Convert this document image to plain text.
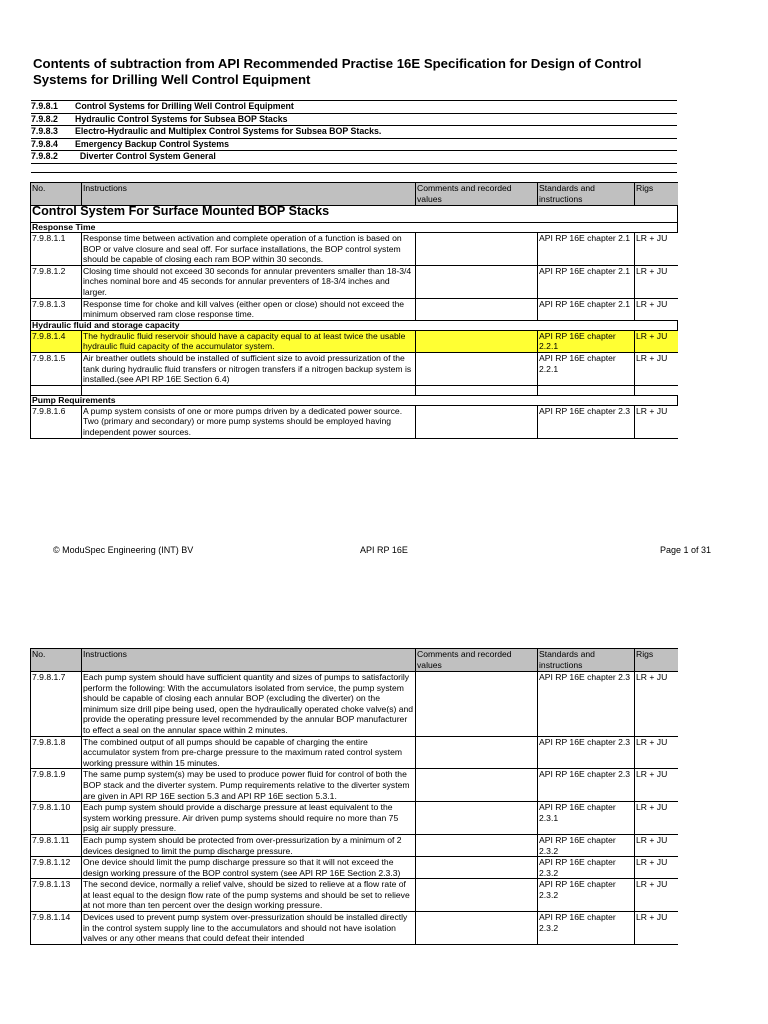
Contents of subtraction from API Recommended Practise 16E Specification for Design of Control Systems for Drilling Well Control Equipment
7.9.8.1 Control Systems for Drilling Well Control Equipment
7.9.8.2 Hydraulic Control Systems for Subsea BOP Stacks
7.9.8.3 Electro-Hydraulic and Multiplex Control Systems for Subsea BOP Stacks.
7.9.8.4 Emergency Backup Control Systems
7.9.8.2  Diverter Control System General
No.	Instructions	Comments and recorded values	Standards and instructions	Rigs
Control System For Surface Mounted BOP Stacks				
Response Time				
7.9.8.1.1	Response time between activation and complete operation of a function is based on BOP or valve closure and seal off. For surface installations, the BOP control system should be capable of closing each ram BOP within 30 seconds.		API RP 16E chapter 2.1	LR + JU
7.9.8.1.2	Closing time should not exceed 30 seconds for annular preventers smaller than 18-3/4 inches nominal bore and 45 seconds for annular preventers of 18-3/4 inches and larger.		API RP 16E chapter 2.1	LR + JU
7.9.8.1.3	Response time for choke and kill valves (either open or close) should not exceed the minimum observed ram close response time.		API RP 16E chapter 2.1	LR + JU
Hydraulic fluid and storage capacity				
7.9.8.1.4	The hydraulic fluid reservoir should have a capacity equal to at least twice the usable hydraulic fluid capacity of the accumulator system.		API RP 16E chapter 2.2.1	LR + JU
7.9.8.1.5	Air breather outlets should be installed of sufficient size to avoid pressurization of the tank during hydraulic fluid transfers or nitrogen transfers if a nitrogen backup system is installed.(see API RP 16E Section 6.4)		API RP 16E chapter 2.2.1	LR + JU

Pump Requirements				
7.9.8.1.6	A pump system consists of one or more pumps driven by a dedicated power source. Two (primary and secondary) or more pump systems should be employed having independent power sources.		API RP 16E chapter 2.3	LR + JU
© ModuSpec Engineering (INT) BV	API RP 16E	Page 1 of 31
No.	Instructions	Comments and recorded values	Standards and instructions	Rigs
7.9.8.1.7	Each pump system should have sufficient quantity and sizes of pumps to satisfactorily perform the following: With the accumulators isolated from service, the pump system should be capable of closing each annular BOP (excluding the diverter) on the minimum size drill pipe being used, open the hydraulically operated choke valve(s) and provide the operating pressure level recommended by the annular BOP manufacturer to effect a seal on the annular space within 2 minutes.		API RP 16E chapter 2.3	LR + JU
7.9.8.1.8	The combined output of all pumps should be capable of charging the entire accumulator system from pre-charge pressure to the maximum rated control system working pressure within 15 minutes.		API RP 16E chapter 2.3	LR + JU
7.9.8.1.9	The same pump system(s) may be used to produce power fluid for control of both the BOP stack and the diverter system. Pump requirements relative to the diverter system are given in API RP 16E section 5.3 and API RP 16E section 5.3.1.		API RP 16E chapter 2.3	LR + JU
7.9.8.1.10	Each pump system should provide a discharge pressure at least equivalent to the system working pressure. Air driven pump systems should require no more than 75 psig air supply pressure.		API RP 16E chapter 2.3.1	LR + JU
7.9.8.1.11	Each pump system should be protected from over-pressurization by a minimum of 2 devices designed to limit the pump discharge pressure.		API RP 16E chapter 2.3.2	LR + JU
7.9.8.1.12	One device should limit the pump discharge pressure so that it will not exceed the design working pressure of the BOP control system (see API RP 16E Section 2.3.3)		API RP 16E chapter 2.3.2	LR + JU
7.9.8.1.13	The second device, normally a relief valve, should be sized to relieve at a flow rate of at least equal to the design flow rate of the pump systems and should be set to relieve at not more than ten percent over the design working pressure.		API RP 16E chapter 2.3.2	LR + JU
7.9.8.1.14	Devices used to prevent pump system over-pressurization should be installed directly in the control system supply line to the accumulators and should not have isolation valves or any other means that could defeat their intended		API RP 16E chapter 2.3.2	LR + JU
